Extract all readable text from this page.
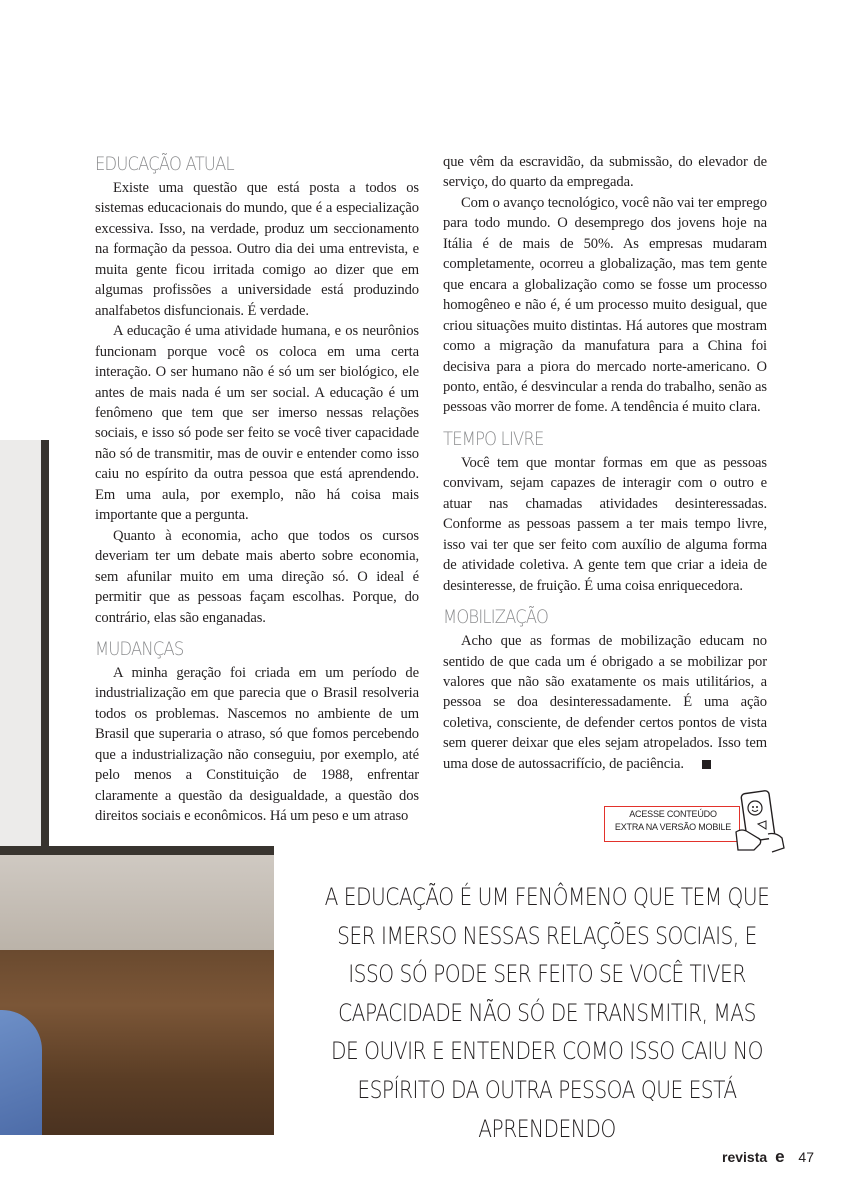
EDUCAÇÃO ATUAL

Existe uma questão que está posta a todos os sistemas educacionais do mundo, que é a especialização excessiva. Isso, na verdade, produz um seccionamento na formação da pessoa. Outro dia dei uma entrevista, e muita gente ficou irritada comigo ao dizer que em algumas profissões a universidade está produzindo analfabetos disfuncionais. É verdade.

A educação é uma atividade humana, e os neurônios funcionam porque você os coloca em uma certa interação. O ser humano não é só um ser biológico, ele antes de mais nada é um ser social. A educação é um fenômeno que tem que ser imerso nessas relações sociais, e isso só pode ser feito se você tiver capacidade não só de transmitir, mas de ouvir e entender como isso caiu no espírito da outra pessoa que está aprendendo. Em uma aula, por exemplo, não há coisa mais importante que a pergunta.

Quanto à economia, acho que todos os cursos deveriam ter um debate mais aberto sobre economia, sem afunilar muito em uma direção só. O ideal é permitir que as pessoas façam escolhas. Porque, do contrário, elas são enganadas.

MUDANÇAS

A minha geração foi criada em um período de industrialização em que parecia que o Brasil resolveria todos os problemas. Nascemos no ambiente de um Brasil que superaria o atraso, só que fomos percebendo que a industrialização não conseguiu, por exemplo, até pelo menos a Constituição de 1988, enfrentar claramente a questão da desigualdade, a questão dos direitos sociais e econômicos. Há um peso e um atraso

que vêm da escravidão, da submissão, do elevador de serviço, do quarto da empregada.

Com o avanço tecnológico, você não vai ter emprego para todo mundo. O desemprego dos jovens hoje na Itália é de mais de 50%. As empresas mudaram completamente, ocorreu a globalização, mas tem gente que encara a globalização como se fosse um processo homogêneo e não é, é um processo muito desigual, que criou situações muito distintas. Há autores que mostram como a migração da manufatura para a China foi decisiva para a piora do mercado norte-americano. O ponto, então, é desvincular a renda do trabalho, senão as pessoas vão morrer de fome. A tendência é muito clara.

TEMPO LIVRE

Você tem que montar formas em que as pessoas convivam, sejam capazes de interagir com o outro e atuar nas chamadas atividades desinteressadas. Conforme as pessoas passem a ter mais tempo livre, isso vai ter que ser feito com auxílio de alguma forma de atividade coletiva. A gente tem que criar a ideia de desinteresse, de fruição. É uma coisa enriquecedora.

MOBILIZAÇÃO

Acho que as formas de mobilização educam no sentido de que cada um é obrigado a se mobilizar por valores que não são exatamente os mais utilitários, a pessoa se doa desinteressadamente. É uma ação coletiva, consciente, de defender certos pontos de vista sem querer deixar que eles sejam atropelados. Isso tem uma dose de autossacrifício, de paciência.

ACESSE CONTEÚDO
EXTRA NA VERSÃO MOBILE
A EDUCAÇÃO É UM FENÔMENO QUE TEM QUE SER IMERSO NESSAS RELAÇÕES SOCIAIS, E ISSO SÓ PODE SER FEITO SE VOCÊ TIVER CAPACIDADE NÃO SÓ DE TRANSMITIR, MAS DE OUVIR E ENTENDER COMO ISSO CAIU NO ESPÍRITO DA OUTRA PESSOA QUE ESTÁ APRENDENDO
revista e 47
